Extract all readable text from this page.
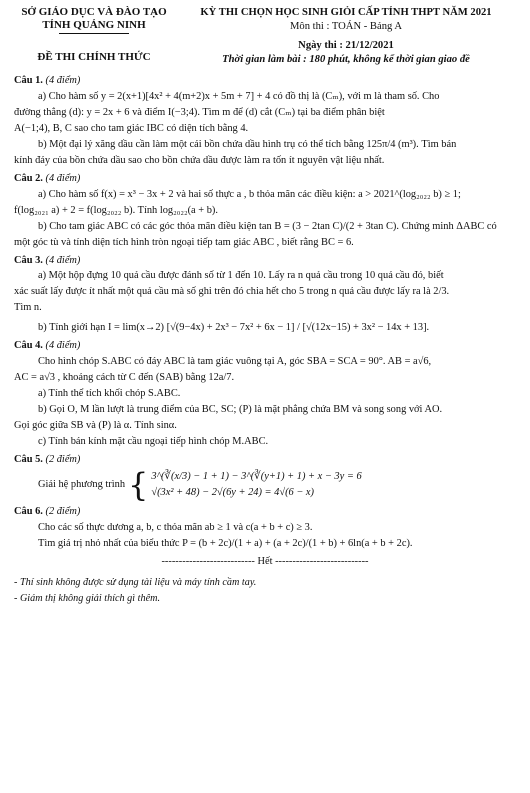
SỞ GIÁO DỤC VÀ ĐÀO TẠO
TỈNH QUẢNG NINH
ĐỀ THI CHÍNH THỨC
KỲ THI CHỌN HỌC SINH GIỎI CẤP TỈNH THPT NĂM 2021
Môn thi : TOÁN - Bảng A
Ngày thi : 21/12/2021
Thời gian làm bài : 180 phút, không kể thời gian giao đề
Câu 1. (4 điểm)
a) Cho hàm số y = 2(x+1)[4x² + 4(m+2)x + 5m + 7] + 4 có đồ thị là (Cₘ), với m là tham số. Cho
đường thẳng (d): y = 2x + 6 và điểm I(−3;4). Tìm m để (d) cắt (Cₘ) tại ba điểm phân biệt
A(−1;4), B, C sao cho tam giác IBC có diện tích bằng 4.
b) Một đại lý xăng dầu cần làm một cái bồn chứa dầu hình trụ có thể tích bằng 125π/4 (m³). Tìm bán
kính đáy của bồn chứa dầu sao cho bồn chứa dầu được làm ra tốn ít nguyên vật liệu nhất.
Câu 2. (4 điểm)
a) Cho hàm số f(x) = x³ − 3x + 2 và hai số thực a , b thỏa mãn các điều kiện: a > 2021^(log₂₀₂₂ b) ≥ 1;
f(log₂₀₂₁ a) + 2 = f(log₂₀₂₂ b). Tính log₂₀₂₂(a + b).
b) Cho tam giác ABC có các góc thỏa mãn điều kiện tan B = (3 − 2tan C)/(2 + 3tan C). Chứng minh ΔABC có
một góc tù và tính diện tích hình tròn ngoại tiếp tam giác ABC , biết rằng BC = 6.
Câu 3. (4 điểm)
a) Một hộp đựng 10 quả cầu được đánh số từ 1 đến 10. Lấy ra n quả cầu trong 10 quả cầu đó, biết
xác suất lấy được ít nhất một quả cầu mà số ghi trên đó chia hết cho 5 trong n quả cầu được lấy ra là 2/3.
Tìm n.
b) Tính giới hạn I = lim(x→2) [√(9−4x) + 2x³ − 7x² + 6x − 1] / [√(12x−15) + 3x² − 14x + 13].
Câu 4. (4 điểm)
Cho hình chóp S.ABC có đáy ABC là tam giác vuông tại A, góc SBA = SCA = 90°. AB = a√6,
AC = a√3 , khoảng cách từ C đến (SAB) bằng 12a/7.
a) Tính thể tích khối chóp S.ABC.
b) Gọi O, M lần lượt là trung điểm của BC, SC; (P) là mặt phẳng chứa BM và song song với AO.
Gọi góc giữa SB và (P) là α. Tính sinα.
c) Tính bán kính mặt cầu ngoại tiếp hình chóp M.ABC.
Câu 5. (2 điểm)
Giải hệ phương trình { 3^(∛(x/3) − 1 + 1) − 3^(∛(y+1) + 1) + x − 3y = 6
√(3x² + 48) − 2√(6y + 24) = 4√(6 − x)
Câu 6. (2 điểm)
Cho các số thực dương a, b, c thỏa mãn ab ≥ 1 và c(a + b + c) ≥ 3.
Tìm giá trị nhỏ nhất của biểu thức P = (b + 2c)/(1 + a) + (a + 2c)/(1 + b) + 6ln(a + b + 2c).
--------------------------- Hết ---------------------------
- Thí sinh không được sử dụng tài liệu và máy tính cầm tay.
- Giám thị không giải thích gì thêm.
